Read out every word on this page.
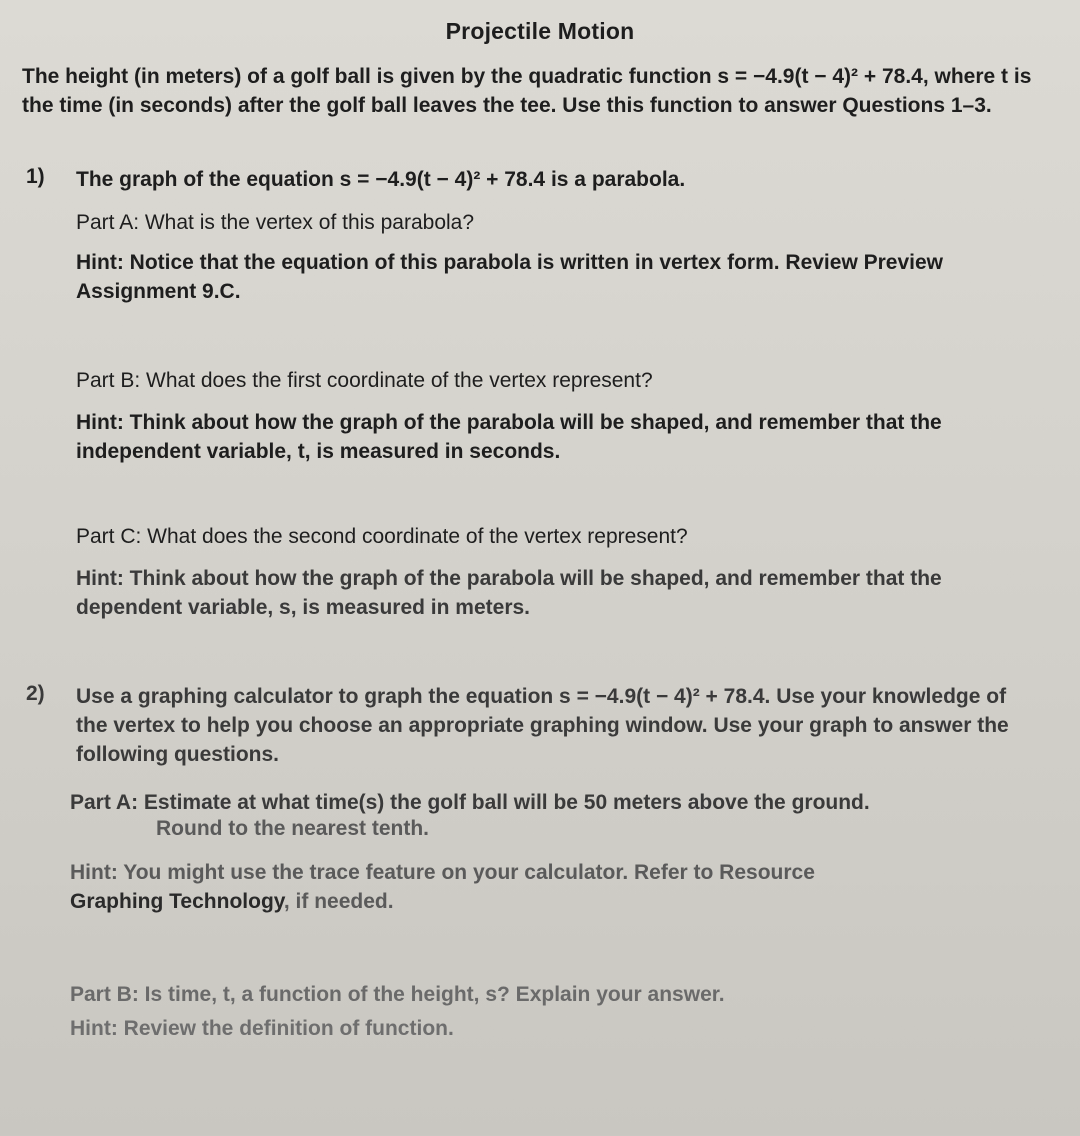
Projectile Motion
The height (in meters) of a golf ball is given by the quadratic function s = −4.9(t − 4)² + 78.4, where t is the time (in seconds) after the golf ball leaves the tee. Use this function to answer Questions 1–3.
1) The graph of the equation s = −4.9(t − 4)² + 78.4 is a parabola.
Part A: What is the vertex of this parabola?
Hint: Notice that the equation of this parabola is written in vertex form. Review Preview Assignment 9.C.
Part B: What does the first coordinate of the vertex represent?
Hint: Think about how the graph of the parabola will be shaped, and remember that the independent variable, t, is measured in seconds.
Part C: What does the second coordinate of the vertex represent?
Hint: Think about how the graph of the parabola will be shaped, and remember that the dependent variable, s, is measured in meters.
2) Use a graphing calculator to graph the equation s = −4.9(t − 4)² + 78.4. Use your knowledge of the vertex to help you choose an appropriate graphing window. Use your graph to answer the following questions.
Part A: Estimate at what time(s) the golf ball will be 50 meters above the ground.
Round to the nearest tenth.
Hint: You might use the trace feature on your calculator. Refer to Resource
Graphing Technology, if needed.
Part B: Is time, t, a function of the height, s? Explain your answer.
Hint: Review the definition of function.
